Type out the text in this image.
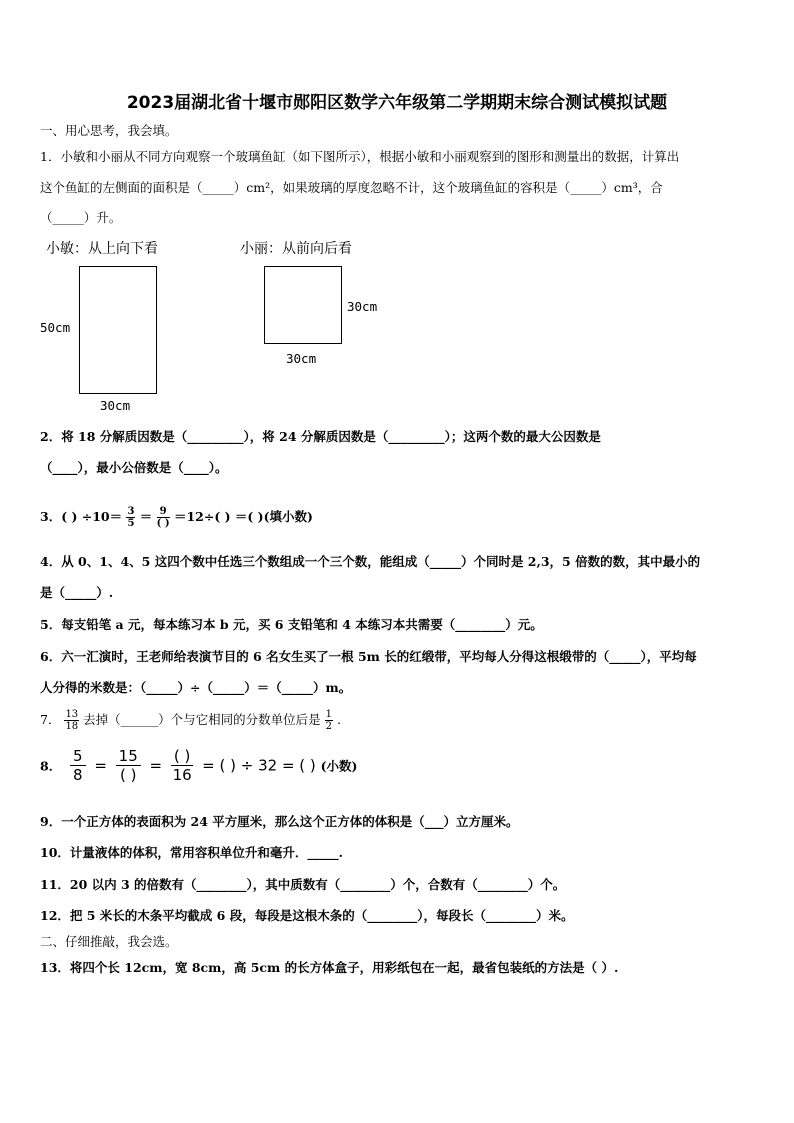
2023届湖北省十堰市郧阳区数学六年级第二学期期末综合测试模拟试题
一、用心思考，我会填。
1．小敏和小丽从不同方向观察一个玻璃鱼缸（如下图所示），根据小敏和小丽观察到的图形和测量出的数据，计算出
这个鱼缸的左侧面的面积是（_____）cm²，如果玻璃的厚度忽略不计，这个玻璃鱼缸的容积是（_____）cm³，合
（_____）升。
小敏：从上向下看	小丽：从前向后看
50cm
30cm
30cm
30cm
2．将 18 分解质因数是（_________），将 24 分解质因数是（_________）；这两个数的最大公因数是
（____），最小公倍数是（____）。
3．( ) $\div 10= \frac{3}{5} = \frac{9}{( )} =12\div$( ) ＝( )(填小数)
4．从 0、1、4、5 这四个数中任选三个数组成一个三个数，能组成（_____）个同时是 2,3，5 倍数的数，其中最小的
是（_____）.
5．每支铅笔 a 元，每本练习本 b 元，买 6 支铅笔和 4 本练习本共需要（________）元。
6．六一汇演时，王老师给表演节目的 6 名女生买了一根 5m 长的红缎带，平均每人分得这根缎带的（_____），平均每
人分得的米数是：（_____）÷（_____）＝（_____）m。
7． $\frac{13}{18}$ 去掉（______）个与它相同的分数单位后是 $\frac{1}{2}$ .
8． $\frac{5}{8} = \frac{15}{( )} = \frac{( )}{16}$ = ( ) ÷ 32 = ( ) (小数)
9．一个正方体的表面积为 24 平方厘米，那么这个正方体的体积是（___）立方厘米。
10．计量液体的体积，常用容积单位升和毫升．_____.
11．20 以内 3 的倍数有（________），其中质数有（________）个，合数有（________）个。
12．把 5 米长的木条平均截成 6 段，每段是这根木条的（________），每段长（________）米。
二、仔细推敲，我会选。
13．将四个长 12cm，宽 8cm，高 5cm 的长方体盒子，用彩纸包在一起，最省包装纸的方法是（ ）.
